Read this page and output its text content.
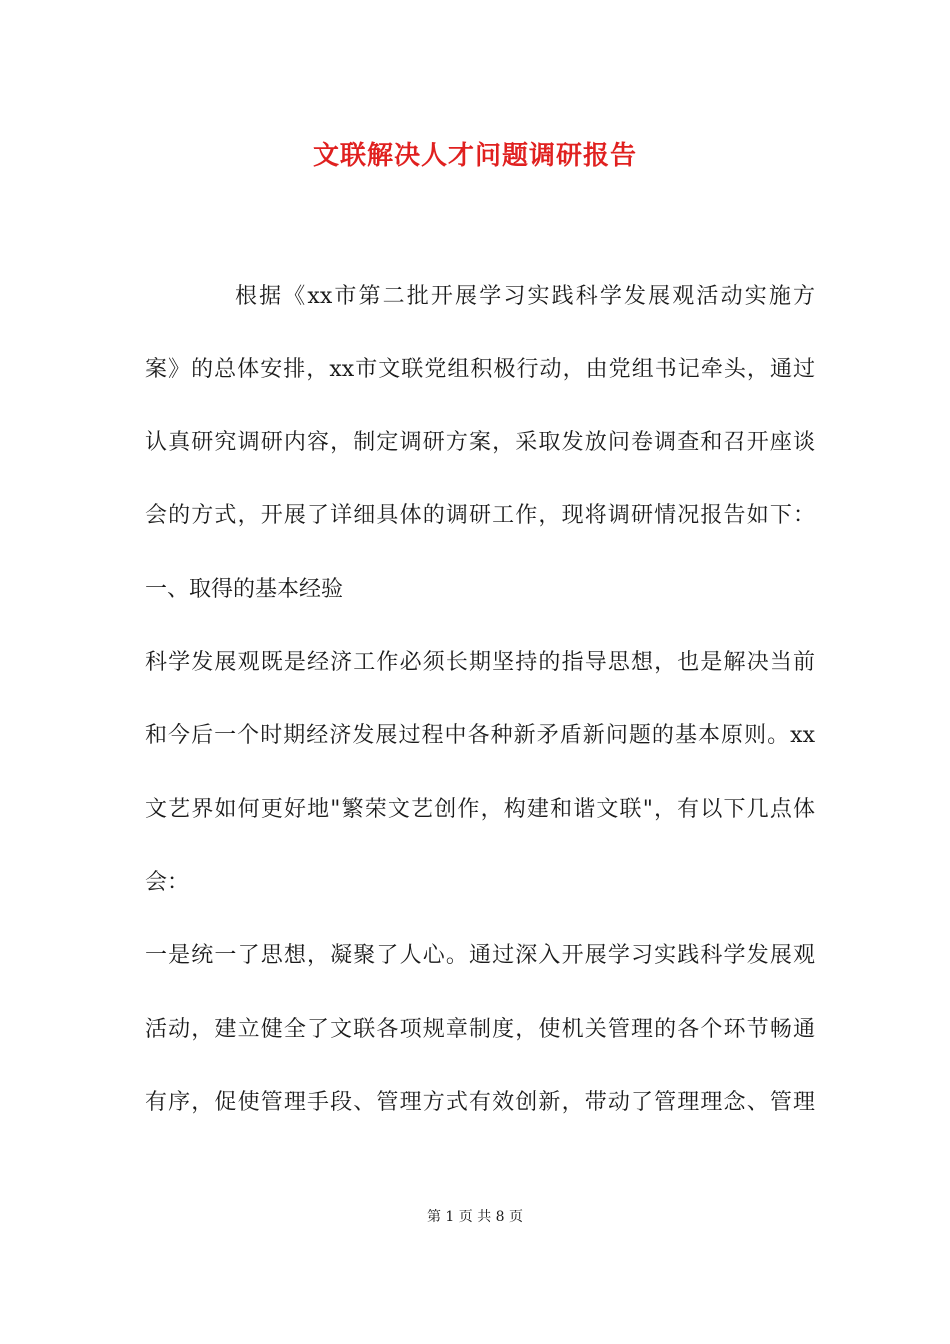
文联解决人才问题调研报告
根据《xx市第二批开展学习实践科学发展观活动实施方
案》的总体安排，xx市文联党组积极行动，由党组书记牵头，通过
认真研究调研内容，制定调研方案，采取发放问卷调查和召开座谈
会的方式，开展了详细具体的调研工作，现将调研情况报告如下：
一、取得的基本经验
科学发展观既是经济工作必须长期坚持的指导思想，也是解决当前
和今后一个时期经济发展过程中各种新矛盾新问题的基本原则。xx
文艺界如何更好地"繁荣文艺创作，构建和谐文联"，有以下几点体
会：
一是统一了思想，凝聚了人心。通过深入开展学习实践科学发展观
活动，建立健全了文联各项规章制度，使机关管理的各个环节畅通
有序，促使管理手段、管理方式有效创新，带动了管理理念、管理
第 1 页 共 8 页
